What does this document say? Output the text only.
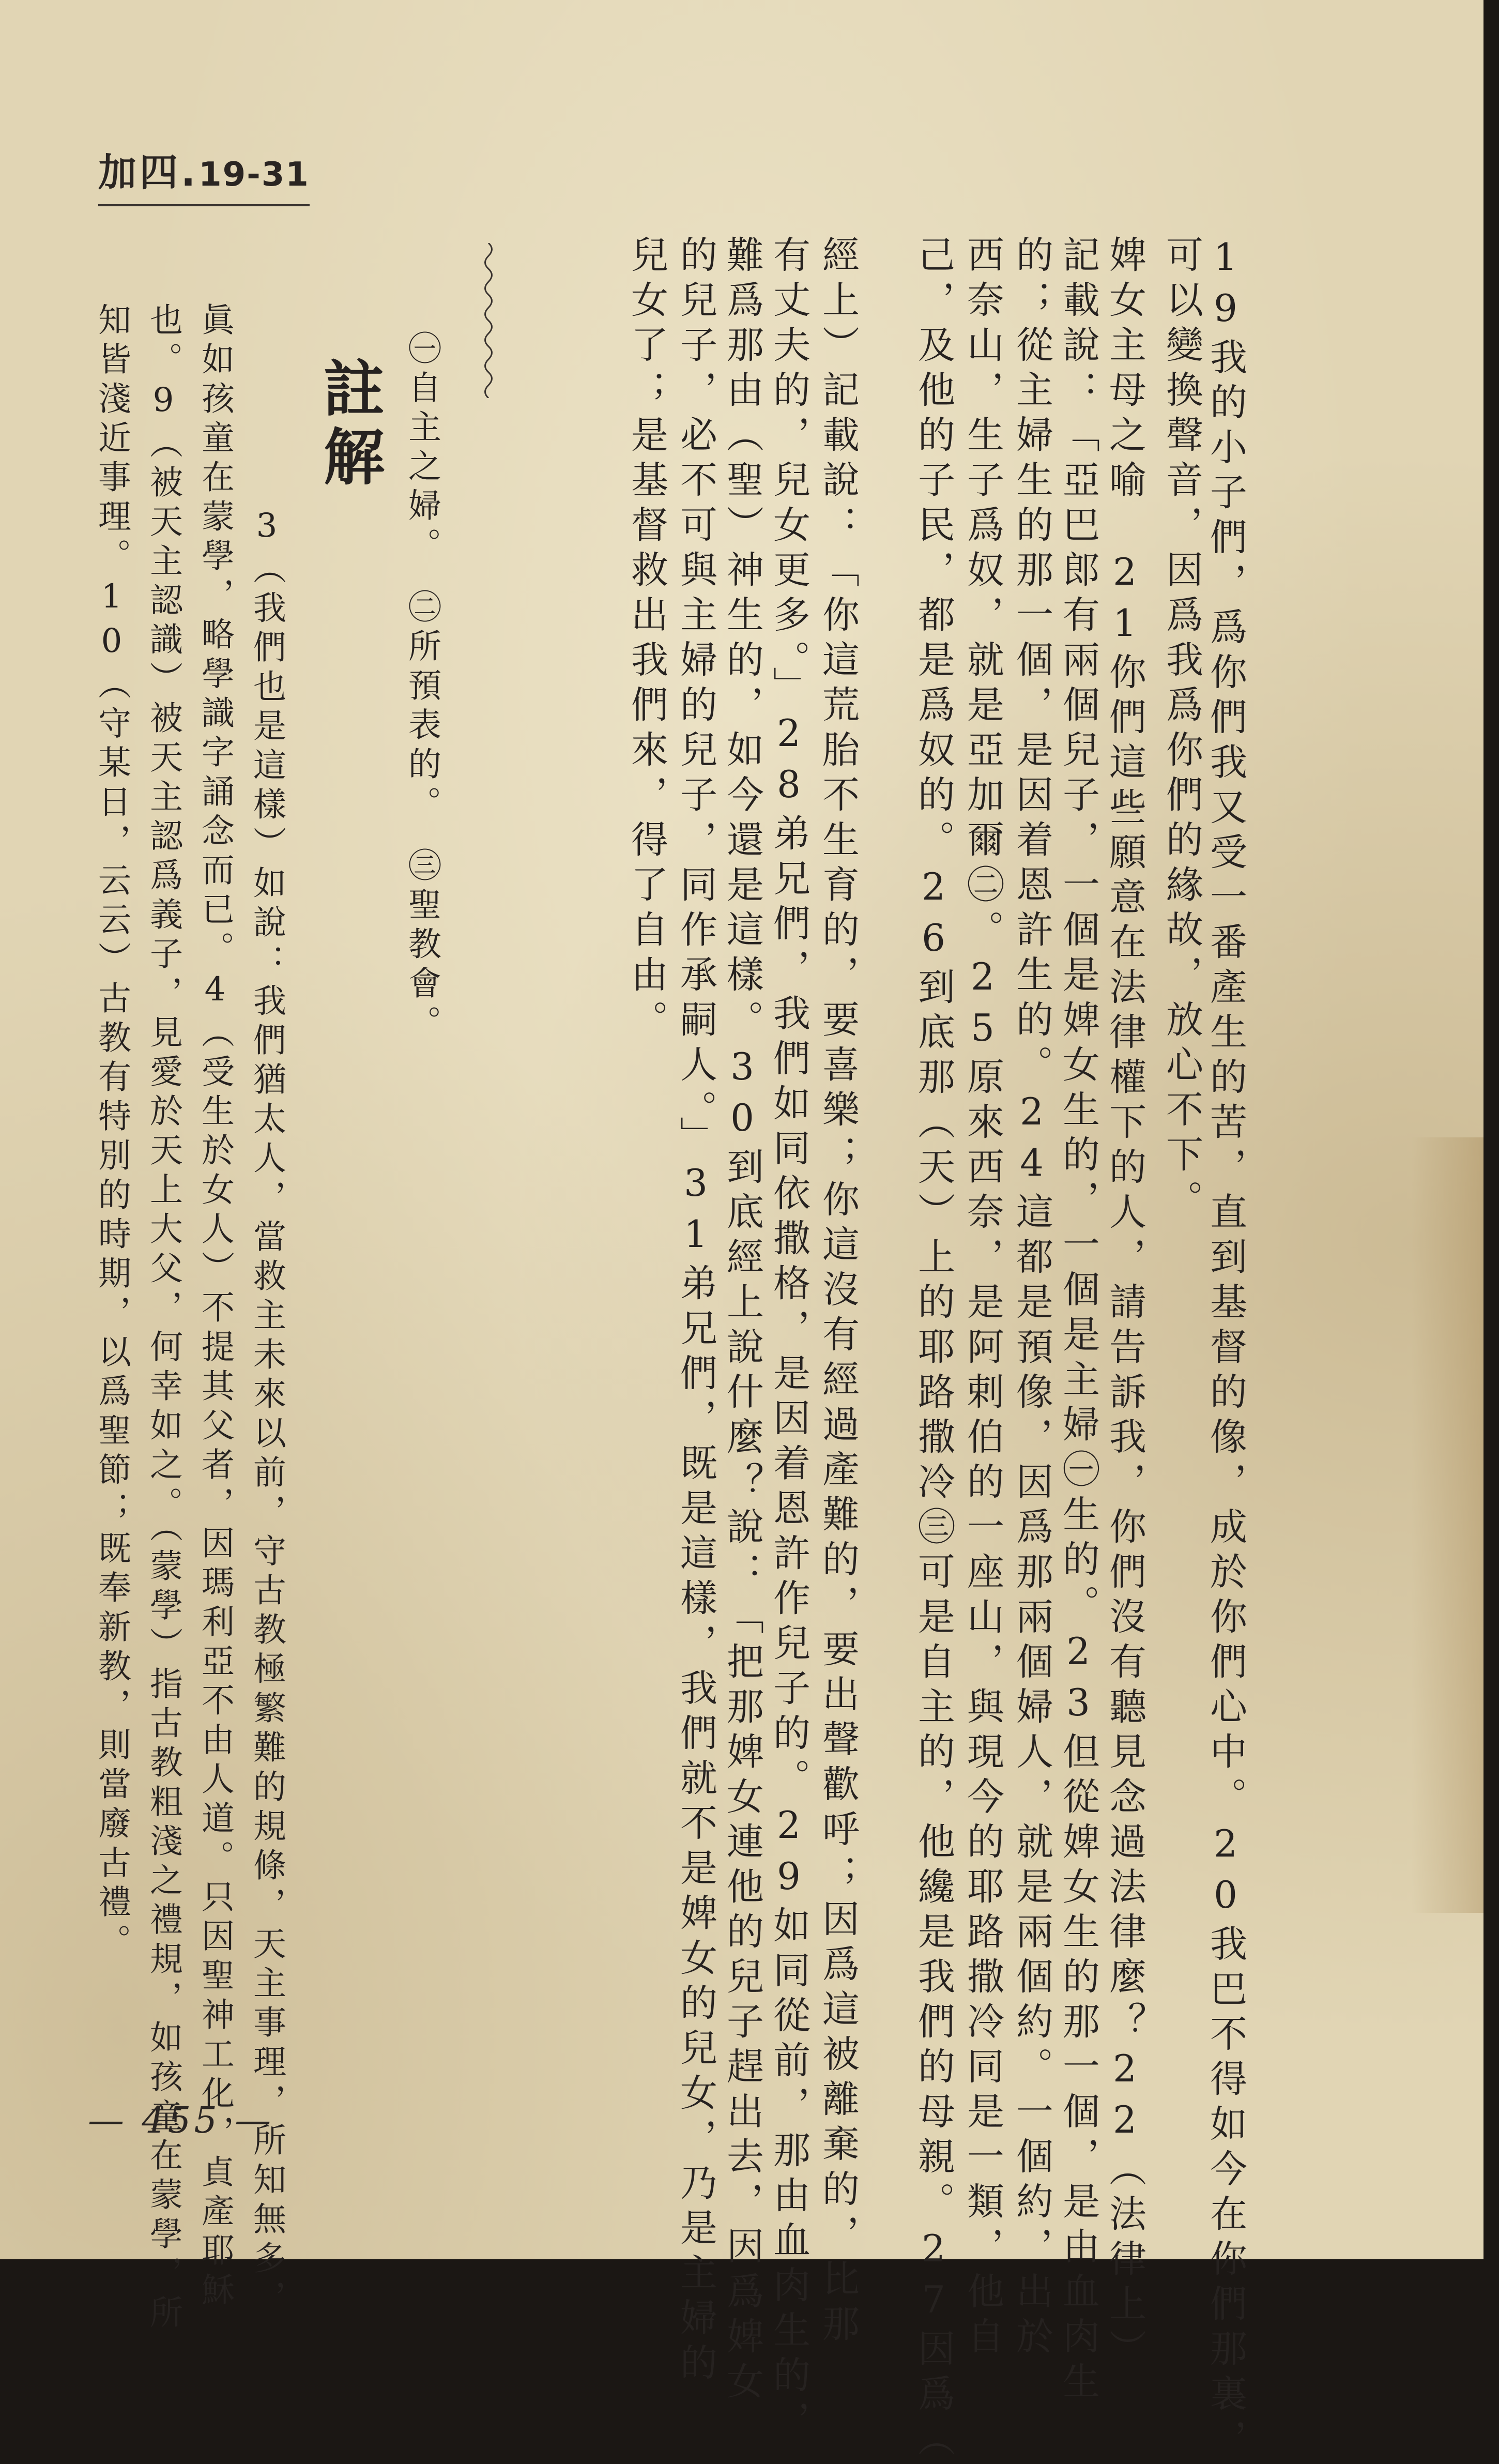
加四.19-31
19我的小子們，爲你們我又受一番產生的苦，直到基督的像，成於你們心中。20我巴不得如今在你們那裏，
可以變換聲音，因爲我爲你們的緣故，放心不下。
婢女主母之喻　21你們這些願意在法律權下的人，請告訴我，你們沒有聽見念過法律麼？22（法律上）
記載說：「亞巴郎有兩個兒子，一個是婢女生的，一個是主婦㊀生的。23但從婢女生的那一個，是由血肉生
的；從主婦生的那一個，是因着恩許生的。24這都是預像，因爲那兩個婦人，就是兩個約。一個約，出於
西奈山，生子爲奴，就是亞加爾㊁。25原來西奈，是阿剌伯的一座山，與現今的耶路撒冷同是一類，他自
己，及他的子民，都是爲奴的。26到底那（天）上的耶路撒冷㊂可是自主的，他纔是我們的母親。27因爲（
經上）記載說：「你這荒胎不生育的，要喜樂；你這沒有經過產難的，要出聲歡呼；因爲這被離棄的，比那
有丈夫的，兒女更多。」28弟兄們，我們如同依撒格，是因着恩許作兒子的。29如同從前，那由血肉生的，
難爲那由（聖）神生的，如今還是這樣。30到底經上說什麼？說：「把那婢女連他的兒子趕出去，因爲婢女
的兒子，必不可與主婦的兒子，同作承嗣人。」31弟兄們，既是這樣，我們就不是婢女的兒女，乃是主婦的
兒女了；是基督救出我們來，得了自由。
㊀自主之婦。　㊁所預表的。　㊂聖教會。
註解
3（我們也是這樣）如說：我們猶太人，當救主未來以前，守古教極繁難的規條，天主事理，所知無多，
眞如孩童在蒙學，略學識字誦念而已。4（受生於女人）不提其父者，因瑪利亞不由人道。只因聖神工化，貞產耶穌
也。9（被天主認識）被天主認爲義子，見愛於天上大父，何幸如之。（蒙學）指古教粗淺之禮規，如孩童在蒙學，所
知皆淺近事理。10（守某日，云云）古教有特別的時期，以爲聖節；既奉新教，則當廢古禮。
— 455 —
